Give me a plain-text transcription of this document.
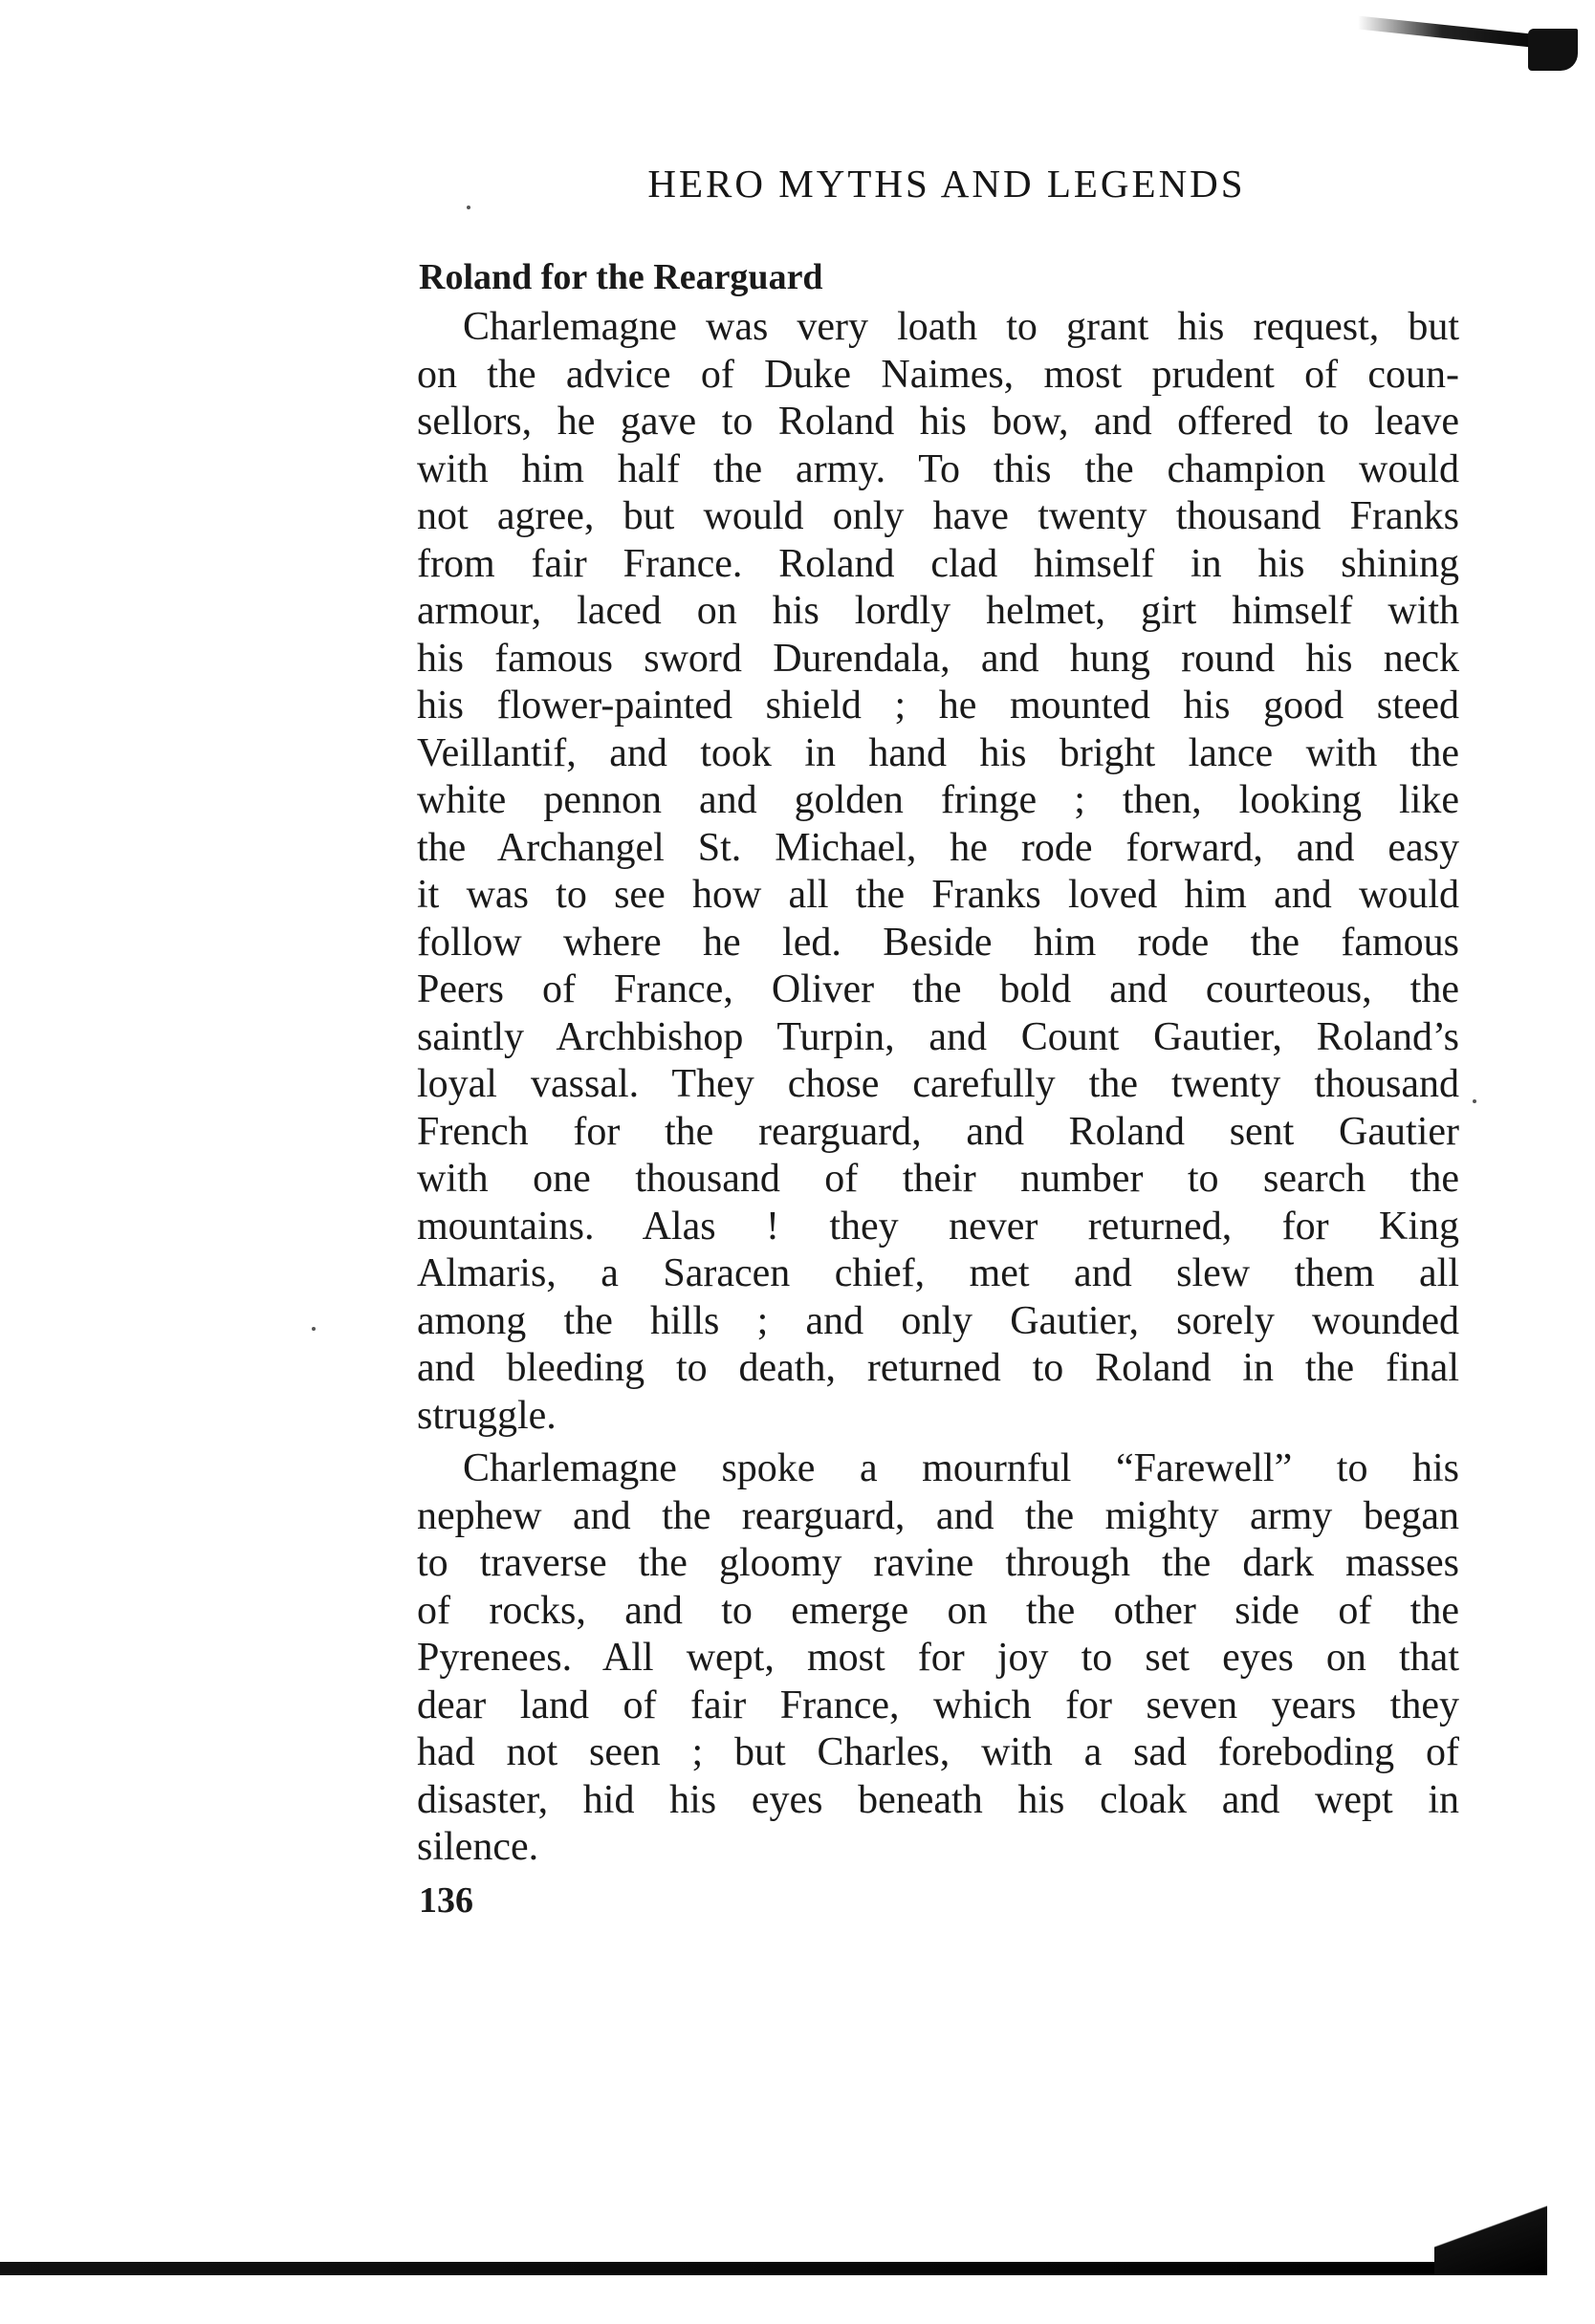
HERO MYTHS AND LEGENDS
Roland for the Rearguard
Charlemagne was very loath to grant his request, but
on the advice of Duke Naimes, most prudent of coun-
sellors, he gave to Roland his bow, and offered to leave
with him half the army. To this the champion would
not agree, but would only have twenty thousand Franks
from fair France. Roland clad himself in his shining
armour, laced on his lordly helmet, girt himself with
his famous sword Durendala, and hung round his neck
his flower-painted shield ; he mounted his good steed
Veillantif, and took in hand his bright lance with the
white pennon and golden fringe ; then, looking like
the Archangel St. Michael, he rode forward, and easy
it was to see how all the Franks loved him and would
follow where he led. Beside him rode the famous
Peers of France, Oliver the bold and courteous, the
saintly Archbishop Turpin, and Count Gautier, Roland’s
loyal vassal. They chose carefully the twenty thousand
French for the rearguard, and Roland sent Gautier
with one thousand of their number to search the
mountains. Alas ! they never returned, for King
Almaris, a Saracen chief, met and slew them all
among the hills ; and only Gautier, sorely wounded
and bleeding to death, returned to Roland in the final
struggle.
Charlemagne spoke a mournful “Farewell” to his
nephew and the rearguard, and the mighty army began
to traverse the gloomy ravine through the dark masses
of rocks, and to emerge on the other side of the
Pyrenees. All wept, most for joy to set eyes on that
dear land of fair France, which for seven years they
had not seen ; but Charles, with a sad foreboding of
disaster, hid his eyes beneath his cloak and wept in
silence.
136
